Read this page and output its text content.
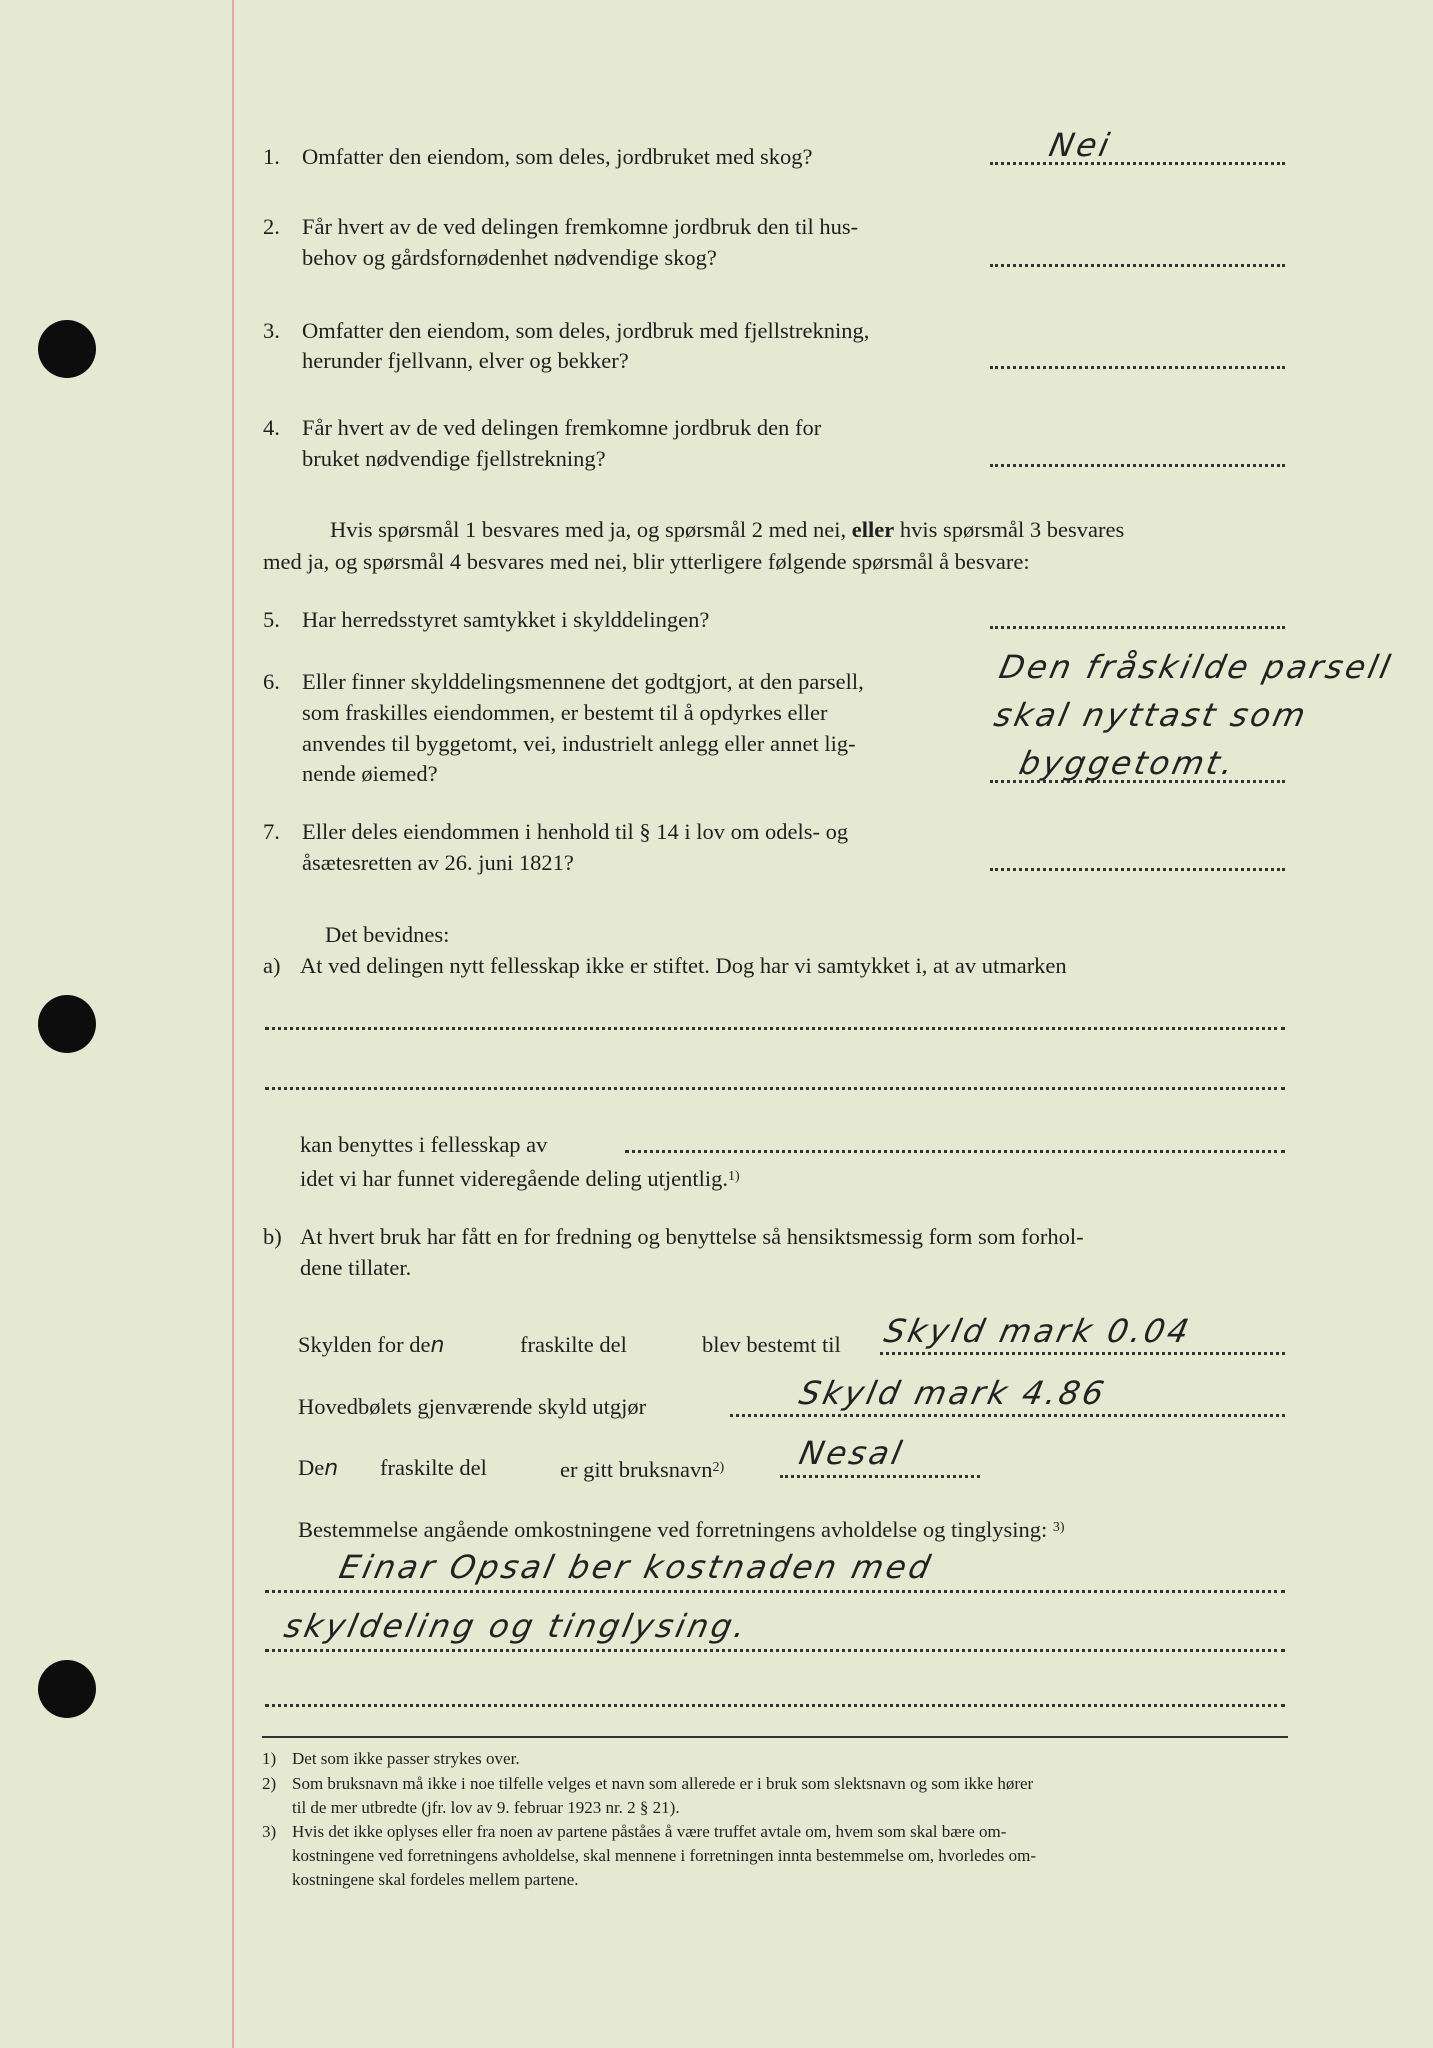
1. Omfatter den eiendom, som deles, jordbruket med skog?	Nei
2. Får hvert av de ved delingen fremkomne jordbruk den til hus-
behov og gårdsfornødenhet nødvendige skog?
3. Omfatter den eiendom, som deles, jordbruk med fjellstrekning,
herunder fjellvann, elver og bekker?
4. Får hvert av de ved delingen fremkomne jordbruk den for
bruket nødvendige fjellstrekning?
Hvis spørsmål 1 besvares med ja, og spørsmål 2 med nei, eller hvis spørsmål 3 besvares
med ja, og spørsmål 4 besvares med nei, blir ytterligere følgende spørsmål å besvare:
5. Har herredsstyret samtykket i skylddelingen?
6. Eller finner skylddelingsmennene det godtgjort, at den parsell,
som fraskilles eiendommen, er bestemt til å opdyrkes eller
anvendes til byggetomt, vei, industrielt anlegg eller annet lig-
nende øiemed?
Den fråskilde parsell
skal nyttast som
byggetomt.
7. Eller deles eiendommen i henhold til § 14 i lov om odels- og
åsætesretten av 26. juni 1821?
Det bevidnes:
a) At ved delingen nytt fellesskap ikke er stiftet. Dog har vi samtykket i, at av utmarken
kan benyttes i fellesskap av
idet vi har funnet videregående deling utjentlig.$^{1)}$
b) At hvert bruk har fått en for fredning og benyttelse så hensiktsmessig form som forhol-
dene tillater.
Skylden for den	fraskilte del	blev bestemt til Skyld mark 0.04
Hovedbølets gjenværende skyld utgjør	Skyld mark 4.86
Den fraskilte del	er gitt bruksnavn$^{2)}$ Nesal
Bestemmelse angående omkostningene ved forretningens avholdelse og tinglysing: $^{3)}$
Einar Opsal ber kostnaden med
skyldeling og tinglysing.
1) Det som ikke passer strykes over.
2) Som bruksnavn må ikke i noe tilfelle velges et navn som allerede er i bruk som slektsnavn og som ikke hører
til de mer utbredte (jfr. lov av 9. februar 1923 nr. 2 § 21).
3) Hvis det ikke oplyses eller fra noen av partene påståes å være truffet avtale om, hvem som skal bære om-
kostningene ved forretningens avholdelse, skal mennene i forretningen innta bestemmelse om, hvorledes om-
kostningene skal fordeles mellem partene.
